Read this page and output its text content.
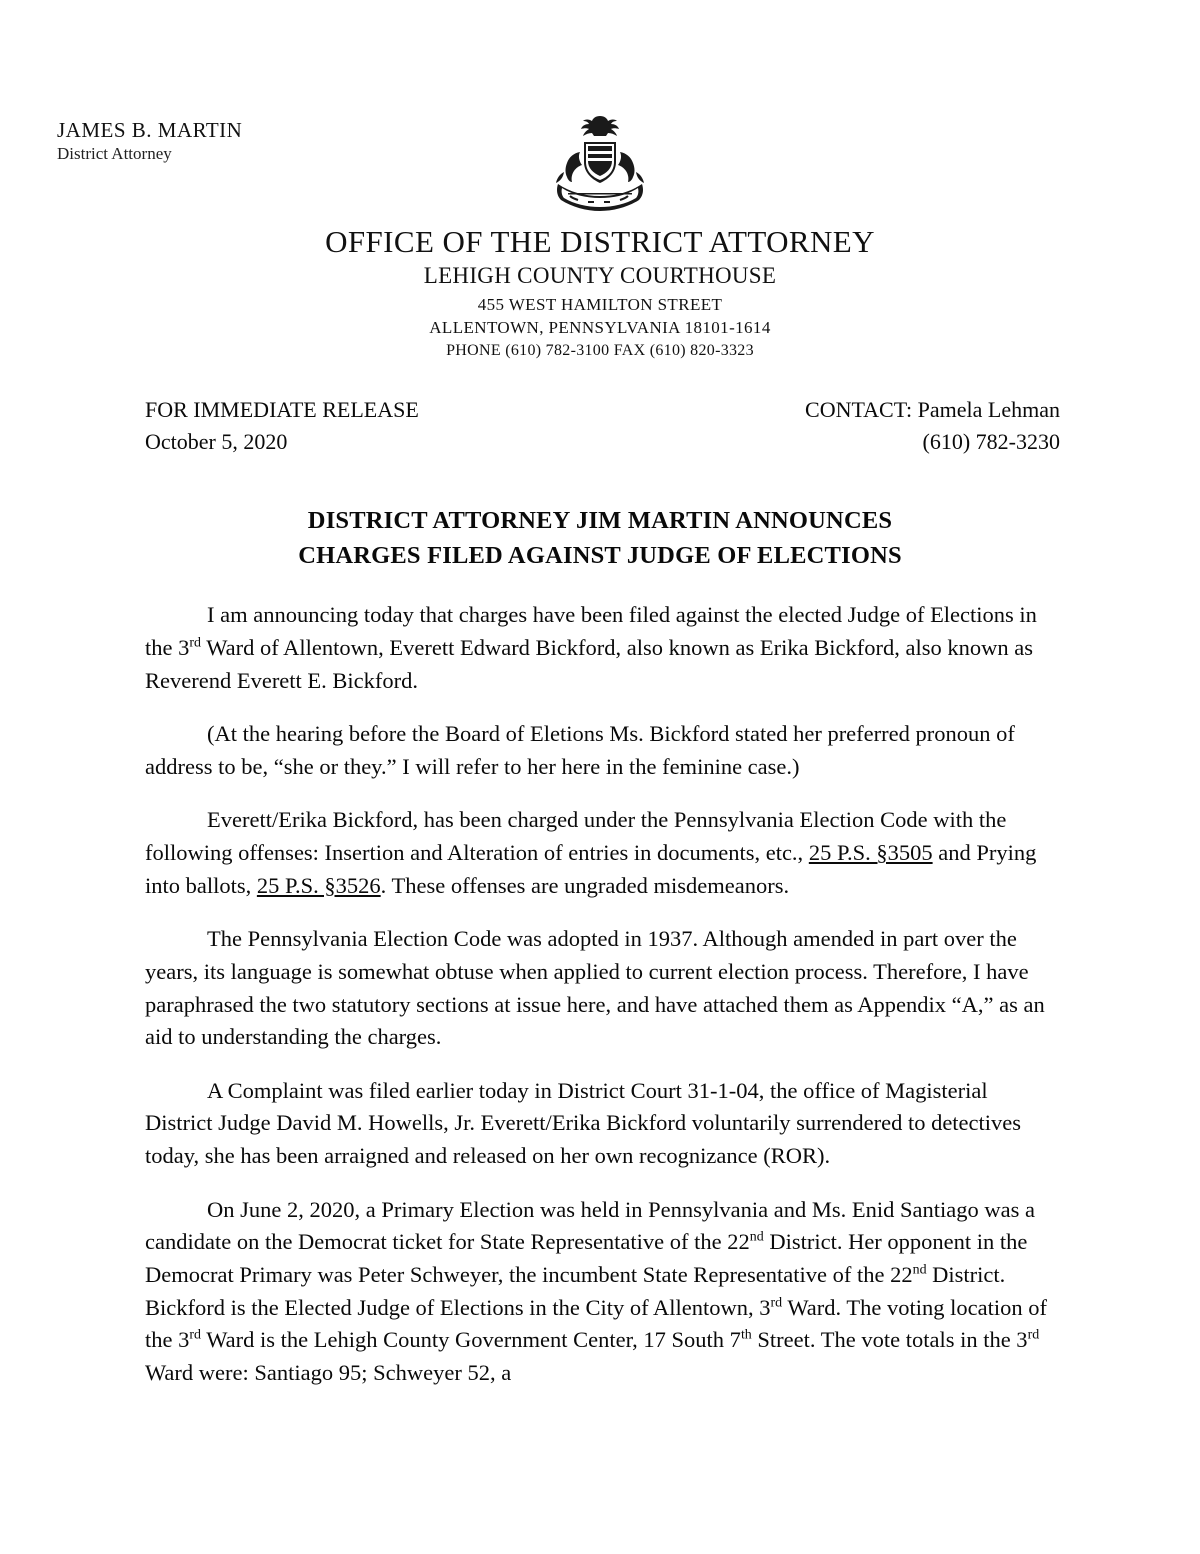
JAMES B. MARTIN
District Attorney
OFFICE OF THE DISTRICT ATTORNEY
LEHIGH COUNTY COURTHOUSE
455 WEST HAMILTON STREET
ALLENTOWN, PENNSYLVANIA 18101-1614
PHONE (610) 782-3100 FAX (610) 820-3323
FOR IMMEDIATE RELEASE
October 5, 2020
CONTACT: Pamela Lehman
(610) 782-3230
DISTRICT ATTORNEY JIM MARTIN ANNOUNCES
CHARGES FILED AGAINST JUDGE OF ELECTIONS

I am announcing today that charges have been filed against the elected Judge of Elections in the 3rd Ward of Allentown, Everett Edward Bickford, also known as Erika Bickford, also known as Reverend Everett E. Bickford.

(At the hearing before the Board of Eletions Ms. Bickford stated her preferred pronoun of address to be, “she or they.” I will refer to her here in the feminine case.)

Everett/Erika Bickford, has been charged under the Pennsylvania Election Code with the following offenses: Insertion and Alteration of entries in documents, etc., 25 P.S. §3505 and Prying into ballots, 25 P.S. §3526. These offenses are ungraded misdemeanors.

The Pennsylvania Election Code was adopted in 1937. Although amended in part over the years, its language is somewhat obtuse when applied to current election process. Therefore, I have paraphrased the two statutory sections at issue here, and have attached them as Appendix “A,” as an aid to understanding the charges.

A Complaint was filed earlier today in District Court 31-1-04, the office of Magisterial District Judge David M. Howells, Jr. Everett/Erika Bickford voluntarily surrendered to detectives today, she has been arraigned and released on her own recognizance (ROR).

On June 2, 2020, a Primary Election was held in Pennsylvania and Ms. Enid Santiago was a candidate on the Democrat ticket for State Representative of the 22nd District. Her opponent in the Democrat Primary was Peter Schweyer, the incumbent State Representative of the 22nd District. Bickford is the Elected Judge of Elections in the City of Allentown, 3rd Ward. The voting location of the 3rd Ward is the Lehigh County Government Center, 17 South 7th Street. The vote totals in the 3rd Ward were: Santiago 95; Schweyer 52, a
